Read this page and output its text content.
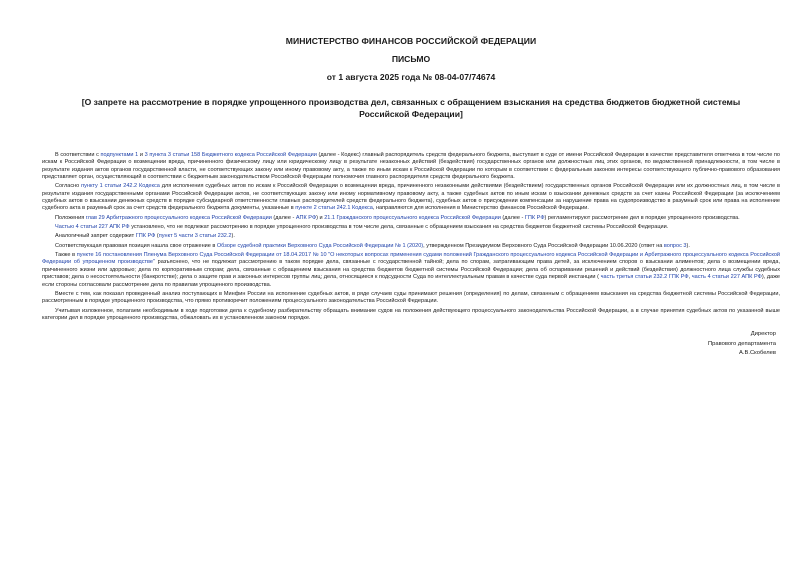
МИНИСТЕРСТВО ФИНАНСОВ РОССИЙСКОЙ ФЕДЕРАЦИИ
ПИСЬМО
от 1 августа 2025 года № 08-04-07/74674
[О запрете на рассмотрение в порядке упрощенного производства дел, связанных с обращением взыскания на средства бюджетов бюджетной системы Российской Федерации]

В соответствии с подпунктами 1 и 3 пункта 3 статьи 158 Бюджетного кодекса Российской Федерации (далее - Кодекс) главный распорядитель средств федерального бюджета, выступает в суде от имени Российской Федерации в качестве представителя ответчика в том числе по искам к Российской Федерации о возмещении вреда, причиненного физическому лицу или юридическому лицу в результате незаконных действий (бездействия) государственных органов или должностных лиц этих органов, по ведомственной принадлежности, в том числе в результате издания актов органов государственной власти, не соответствующих закону или иному правовому акту, а также по иным искам к Российской Федерации по которым в соответствии с федеральным законом интересы соответствующего публично-правового образования представляет орган, осуществляющий в соответствии с бюджетным законодательством Российской Федерации полномочия главного распорядителя средств федерального бюджета.

Согласно пункту 1 статьи 242.2 Кодекса для исполнения судебных актов по искам к Российской Федерации о возмещении вреда, причиненного незаконными действиями (бездействием) государственных органов Российской Федерации или их должностных лиц, в том числе в результате издания государственными органами Российской Федерации актов, не соответствующих закону или иному нормативному правовому акту, а также судебных актов по иным искам о взыскании денежных средств за счет казны Российской Федерации (за исключением судебных актов о взыскании денежных средств в порядке субсидиарной ответственности главных распорядителей средств федерального бюджета), судебных актов о присуждении компенсации за нарушение права на судопроизводство в разумный срок или права на исполнение судебного акта в разумный срок за счет средств федерального бюджета документы, указанные в пункте 2 статьи 242.1 Кодекса, направляются для исполнения в Министерство финансов Российской Федерации.

Положения глав 29 Арбитражного процессуального кодекса Российской Федерации (далее - АПК РФ) и 21.1 Гражданского процессуального кодекса Российской Федерации (далее - ГПК РФ) регламентируют рассмотрение дел в порядке упрощенного производства.

Частью 4 статьи 227 АПК РФ установлено, что не подлежат рассмотрению в порядке упрощенного производства в том числе дела, связанные с обращением взыскания на средства бюджетов бюджетной системы Российской Федерации.

Аналогичный запрет содержит ГПК РФ (пункт 5 части 3 статьи 232.2).

Соответствующая правовая позиция нашла свое отражение в Обзоре судебной практики Верховного Суда Российской Федерации № 1 (2020), утвержденном Президиумом Верховного Суда Российской Федерации 10.06.2020 (ответ на вопрос 3).

Также в пункте 16 постановления Пленума Верховного Суда Российской Федерации от 18.04.2017 № 10 "О некоторых вопросах применения судами положений Гражданского процессуального кодекса Российской Федерации и Арбитражного процессуального кодекса Российской Федерации об упрощенном производстве" разъяснено, что не подлежат рассмотрению в таком порядке дела, связанные с государственной тайной; дела по спорам, затрагивающим права детей, за исключением споров о взыскании алиментов; дела о возмещении вреда, причиненного жизни или здоровью; дела по корпоративным спорам; дела, связанные с обращением взыскания на средства бюджетов бюджетной системы Российской Федерации; дела об оспаривании решений и действий (бездействия) должностного лица службы судебных приставов; дела о несостоятельности (банкротстве); дела о защите прав и законных интересов группы лиц; дела, относящиеся к подсудности Суда по интеллектуальным правам в качестве суда первой инстанции ( часть третья статьи 232.2 ГПК РФ, часть 4 статьи 227 АПК РФ), даже если стороны согласовали рассмотрение дела по правилам упрощенного производства.

Вместе с тем, как показал проведенный анализ поступающих в Минфин России на исполнение судебных актов, в ряде случаев суды принимают решения (определения) по делам, связанным с обращением взыскания на средства бюджетной системы Российской Федерации, рассмотренным в порядке упрощенного производства, что прямо противоречит положениям процессуального законодательства Российской Федерации.

Учитывая изложенное, полагаем необходимым в ходе подготовки дела к судебному разбирательству обращать внимание судов на положения действующего процессуального законодательства Российской Федерации, а в случае принятия судебных актов по указанной выше категории дел в порядке упрощенного производства, обжаловать их в установленном законом порядке.

Директор
Правового департамента
А.В.Скобелев
